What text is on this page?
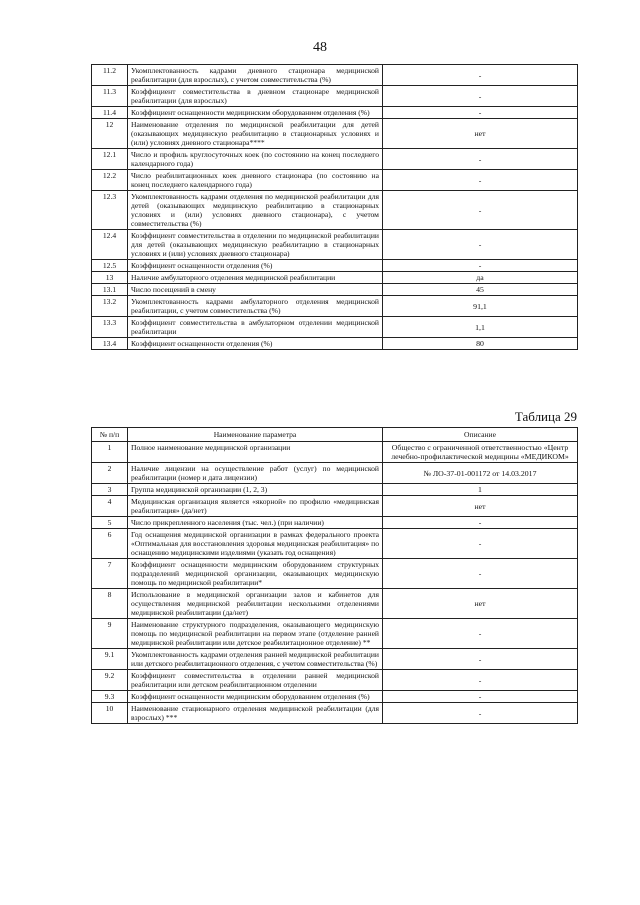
48
11.2	Укомплектованность кадрами дневного стационара медицинской реабилитации (для взрослых), с учетом совместительства (%)	-
11.3	Коэффициент совместительства в дневном стационаре медицинской реабилитации (для взрослых)	-
11.4	Коэффициент оснащенности медицинским оборудованием отделения (%)	-
12	Наименование отделения по медицинской реабилитации для детей (оказывающих медицинскую реабилитацию в стационарных условиях и (или) условиях дневного стационара****	нет
12.1	Число и профиль круглосуточных коек (по состоянию на конец последнего календарного года)	-
12.2	Число реабилитационных коек дневного стационара (по состоянию на конец последнего календарного года)	-
12.3	Укомплектованность кадрами отделения по медицинской реабилитации для детей (оказывающих медицинскую реабилитацию в стационарных условиях и (или) условиях дневного стационара), с учетом совместительства (%)	-
12.4	Коэффициент совместительства в отделении по медицинской реабилитации для детей (оказывающих медицинскую реабилитацию в стационарных условиях и (или) условиях дневного стационара)	-
12.5	Коэффициент оснащенности отделения (%)	-
13	Наличие амбулаторного отделения медицинской реабилитации	да
13.1	Число посещений в смену	45
13.2	Укомплектованность кадрами амбулаторного отделения медицинской реабилитации, с учетом совместительства (%)	91,1
13.3	Коэффициент совместительства в амбулаторном отделении медицинской реабилитации	1,1
13.4	Коэффициент оснащенности отделения (%)	80
Таблица 29
№ п/п	Наименование параметра	Описание
1	Полное наименование медицинской организации	Общество с ограниченной ответственностью «Центр лечебно-профилактической медицины «МЕДИКОМ»
2	Наличие лицензии на осуществление работ (услуг) по медицинской реабилитации (номер и дата лицензии)	№ ЛО-37-01-001172 от 14.03.2017
3	Группа медицинской организации (1, 2, 3)	1
4	Медицинская организация является «якорной» по профилю «медицинская реабилитация» (да/нет)	нет
5	Число прикрепленного населения (тыс. чел.) (при наличии)	-
6	Год оснащения медицинской организации в рамках федерального проекта «Оптимальная для восстановления здоровья медицинская реабилитация» по оснащению медицинскими изделиями (указать год оснащения)	-
7	Коэффициент оснащенности медицинским оборудованием структурных подразделений медицинской организации, оказывающих медицинскую помощь по медицинской реабилитации*	-
8	Использование в медицинской организации залов и кабинетов для осуществления медицинской реабилитации несколькими отделениями медицинской реабилитации (да/нет)	нет
9	Наименование структурного подразделения, оказывающего медицинскую помощь по медицинской реабилитации на первом этапе (отделение ранней медицинской реабилитации или детское реабилитационное отделение) **	-
9.1	Укомплектованность кадрами отделения ранней медицинской реабилитации или детского реабилитационного отделения, с учетом совместительства (%)	-
9.2	Коэффициент совместительства в отделении ранней медицинской реабилитации или детском реабилитационном отделении	-
9.3	Коэффициент оснащенности медицинским оборудованием отделения (%)	-
10	Наименование стационарного отделения медицинской реабилитации (для взрослых) ***	-
